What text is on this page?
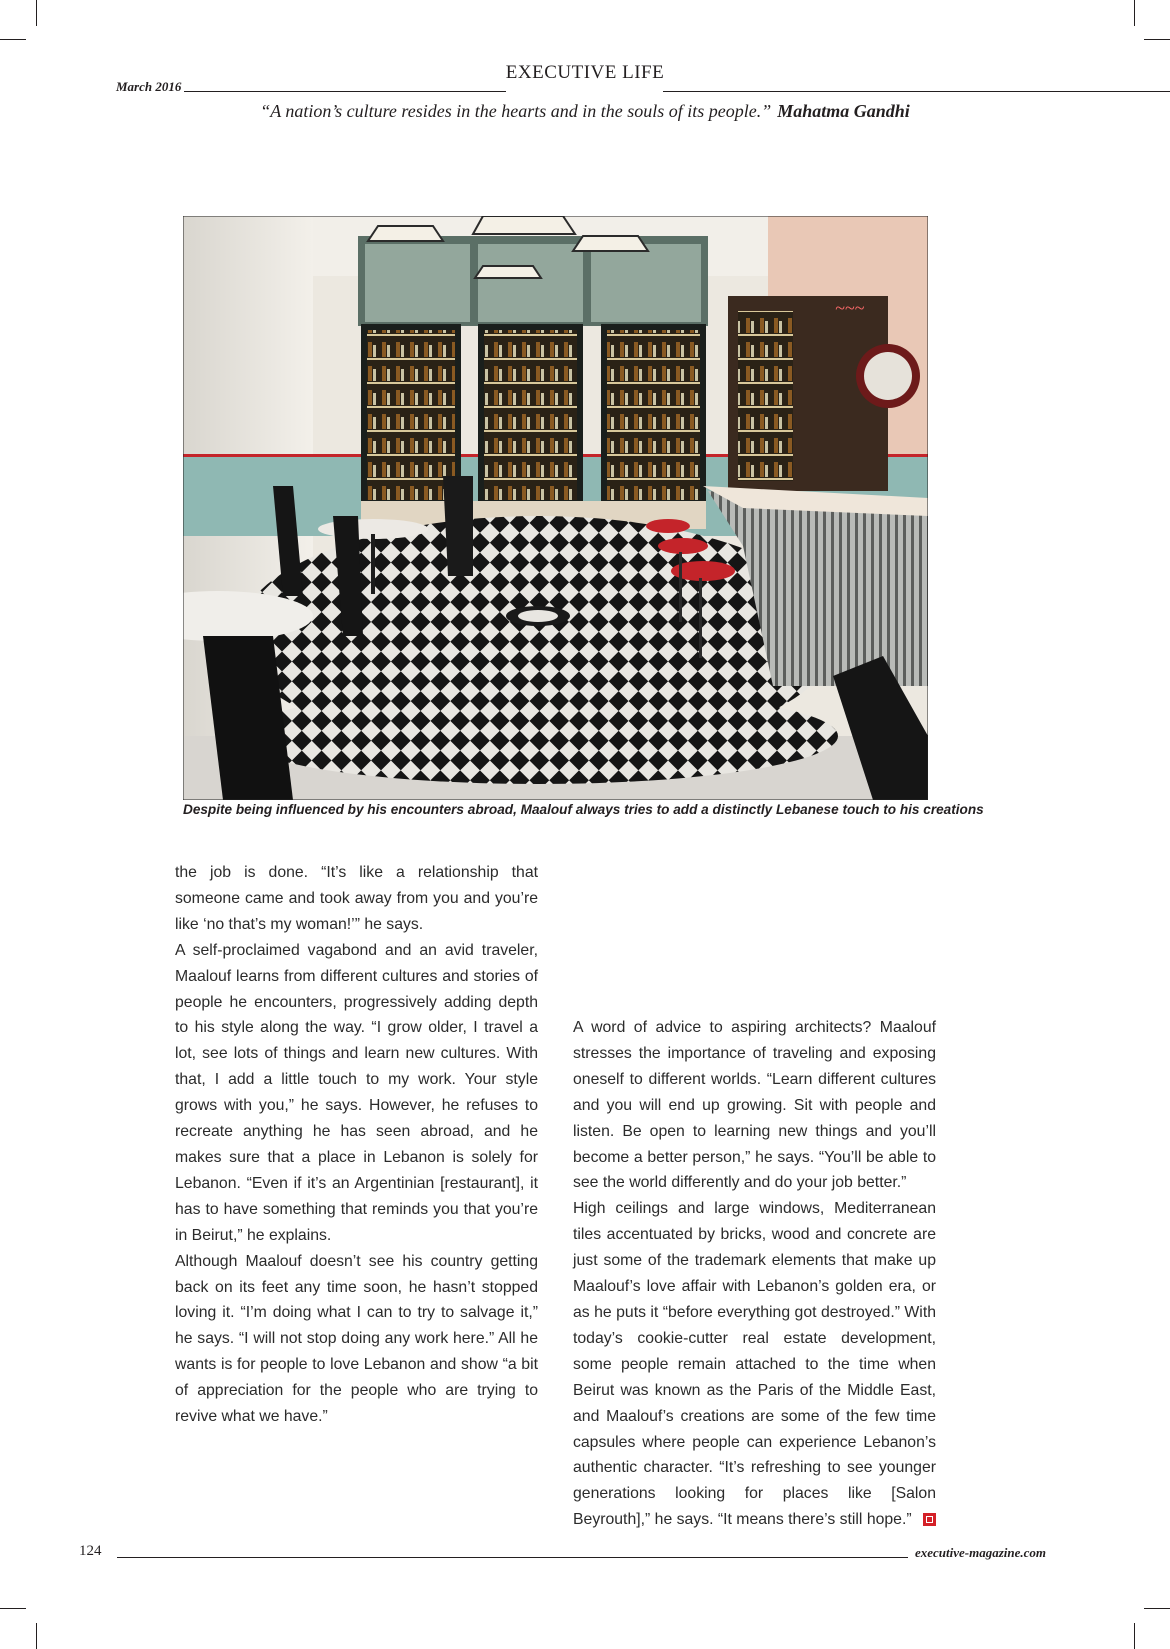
March 2016
EXECUTIVE LIFE
“A nation’s culture resides in the hearts and in the souls of its people.” Mahatma Gandhi
~~~
Despite being influenced by his encounters abroad, Maalouf always tries to add a distinctly Lebanese touch to his creations

the job is done. “It’s like a relationship that someone came and took away from you and you’re like ‘no that’s my woman!’” he says.

A self-proclaimed vagabond and an avid traveler, Maalouf learns from different cultures and stories of people he encounters, progressively adding depth to his style along the way. “I grow older, I travel a lot, see lots of things and learn new cultures. With that, I add a little touch to my work. Your style grows with you,” he says. However, he refuses to recreate anything he has seen abroad, and he makes sure that a place in Lebanon is solely for Lebanon. “Even if it’s an Argentinian [restaurant], it has to have something that reminds you that you’re in Beirut,” he explains.

Although Maalouf doesn’t see his country getting back on its feet any time soon, he hasn’t stopped loving it. “I’m doing what I can to try to salvage it,” he says. “I will not stop doing any work here.” All he wants is for people to love Lebanon and show “a bit of appreciation for the people who are trying to revive what we have.”

A word of advice to aspiring architects? Maalouf stresses the importance of traveling and exposing oneself to different worlds. “Learn different cultures and you will end up growing. Sit with people and listen. Be open to learning new things and you’ll become a better person,” he says. “You’ll be able to see the world differently and do your job better.”

High ceilings and large windows, Mediterranean tiles accentuated by bricks, wood and concrete are just some of the trademark elements that make up Maalouf’s love affair with Lebanon’s golden era, or as he puts it “before everything got destroyed.” With today’s cookie-cutter real estate development, some people remain attached to the time when Beirut was known as the Paris of the Middle East, and Maalouf’s creations are some of the few time capsules where people can experience Lebanon’s authentic character. “It’s refreshing to see younger generations looking for places like [Salon Beyrouth],” he says. “It means there’s still hope.”

124	executive-magazine.com
